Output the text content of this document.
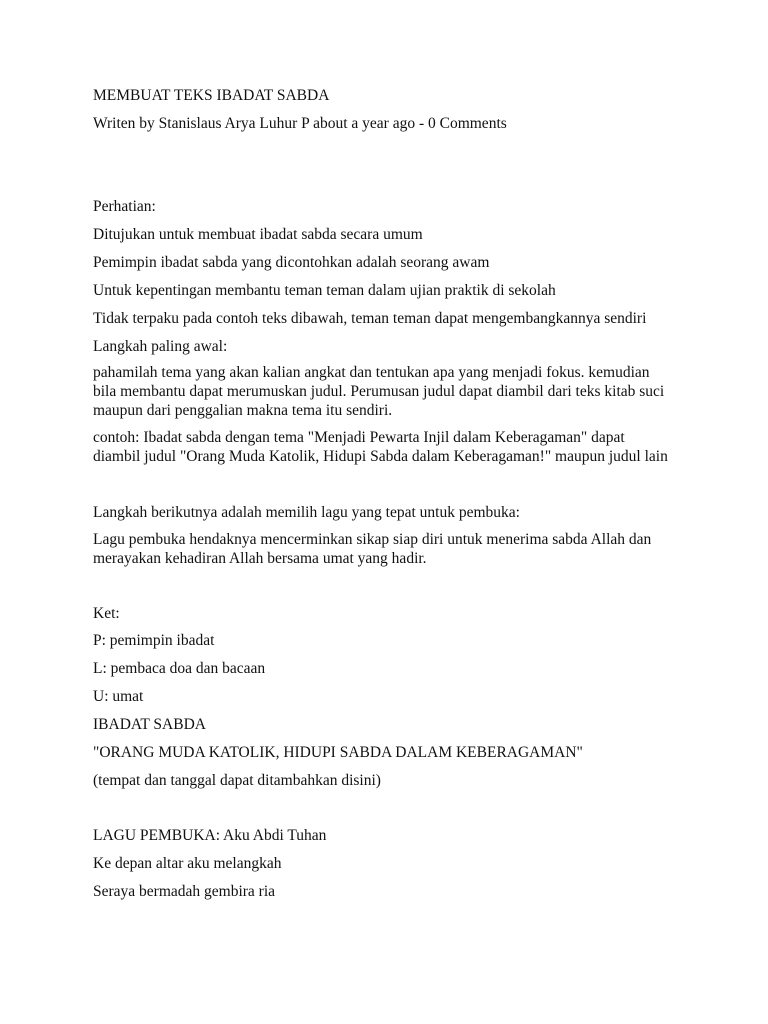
MEMBUAT TEKS IBADAT SABDA
Writen by Stanislaus Arya Luhur P about a year ago - 0 Comments
Perhatian:
Ditujukan untuk membuat ibadat sabda secara umum
Pemimpin ibadat sabda yang dicontohkan adalah seorang awam
Untuk kepentingan membantu teman teman dalam ujian praktik di sekolah
Tidak terpaku pada contoh teks dibawah, teman teman dapat mengembangkannya sendiri
Langkah paling awal:
pahamilah tema yang akan kalian angkat dan tentukan apa yang menjadi fokus. kemudian
bila membantu dapat merumuskan judul. Perumusan judul dapat diambil dari teks kitab suci
maupun dari penggalian makna tema itu sendiri.
contoh: Ibadat sabda dengan tema "Menjadi Pewarta Injil dalam Keberagaman" dapat
diambil judul "Orang Muda Katolik, Hidupi Sabda dalam Keberagaman!" maupun judul lain
Langkah berikutnya adalah memilih lagu yang tepat untuk pembuka:
Lagu pembuka hendaknya mencerminkan sikap siap diri untuk menerima sabda Allah dan
merayakan kehadiran Allah bersama umat yang hadir.
Ket:
P: pemimpin ibadat
L: pembaca doa dan bacaan
U: umat
IBADAT SABDA
"ORANG MUDA KATOLIK, HIDUPI SABDA DALAM KEBERAGAMAN"
(tempat dan tanggal dapat ditambahkan disini)
LAGU PEMBUKA: Aku Abdi Tuhan
Ke depan altar aku melangkah
Seraya bermadah gembira ria
